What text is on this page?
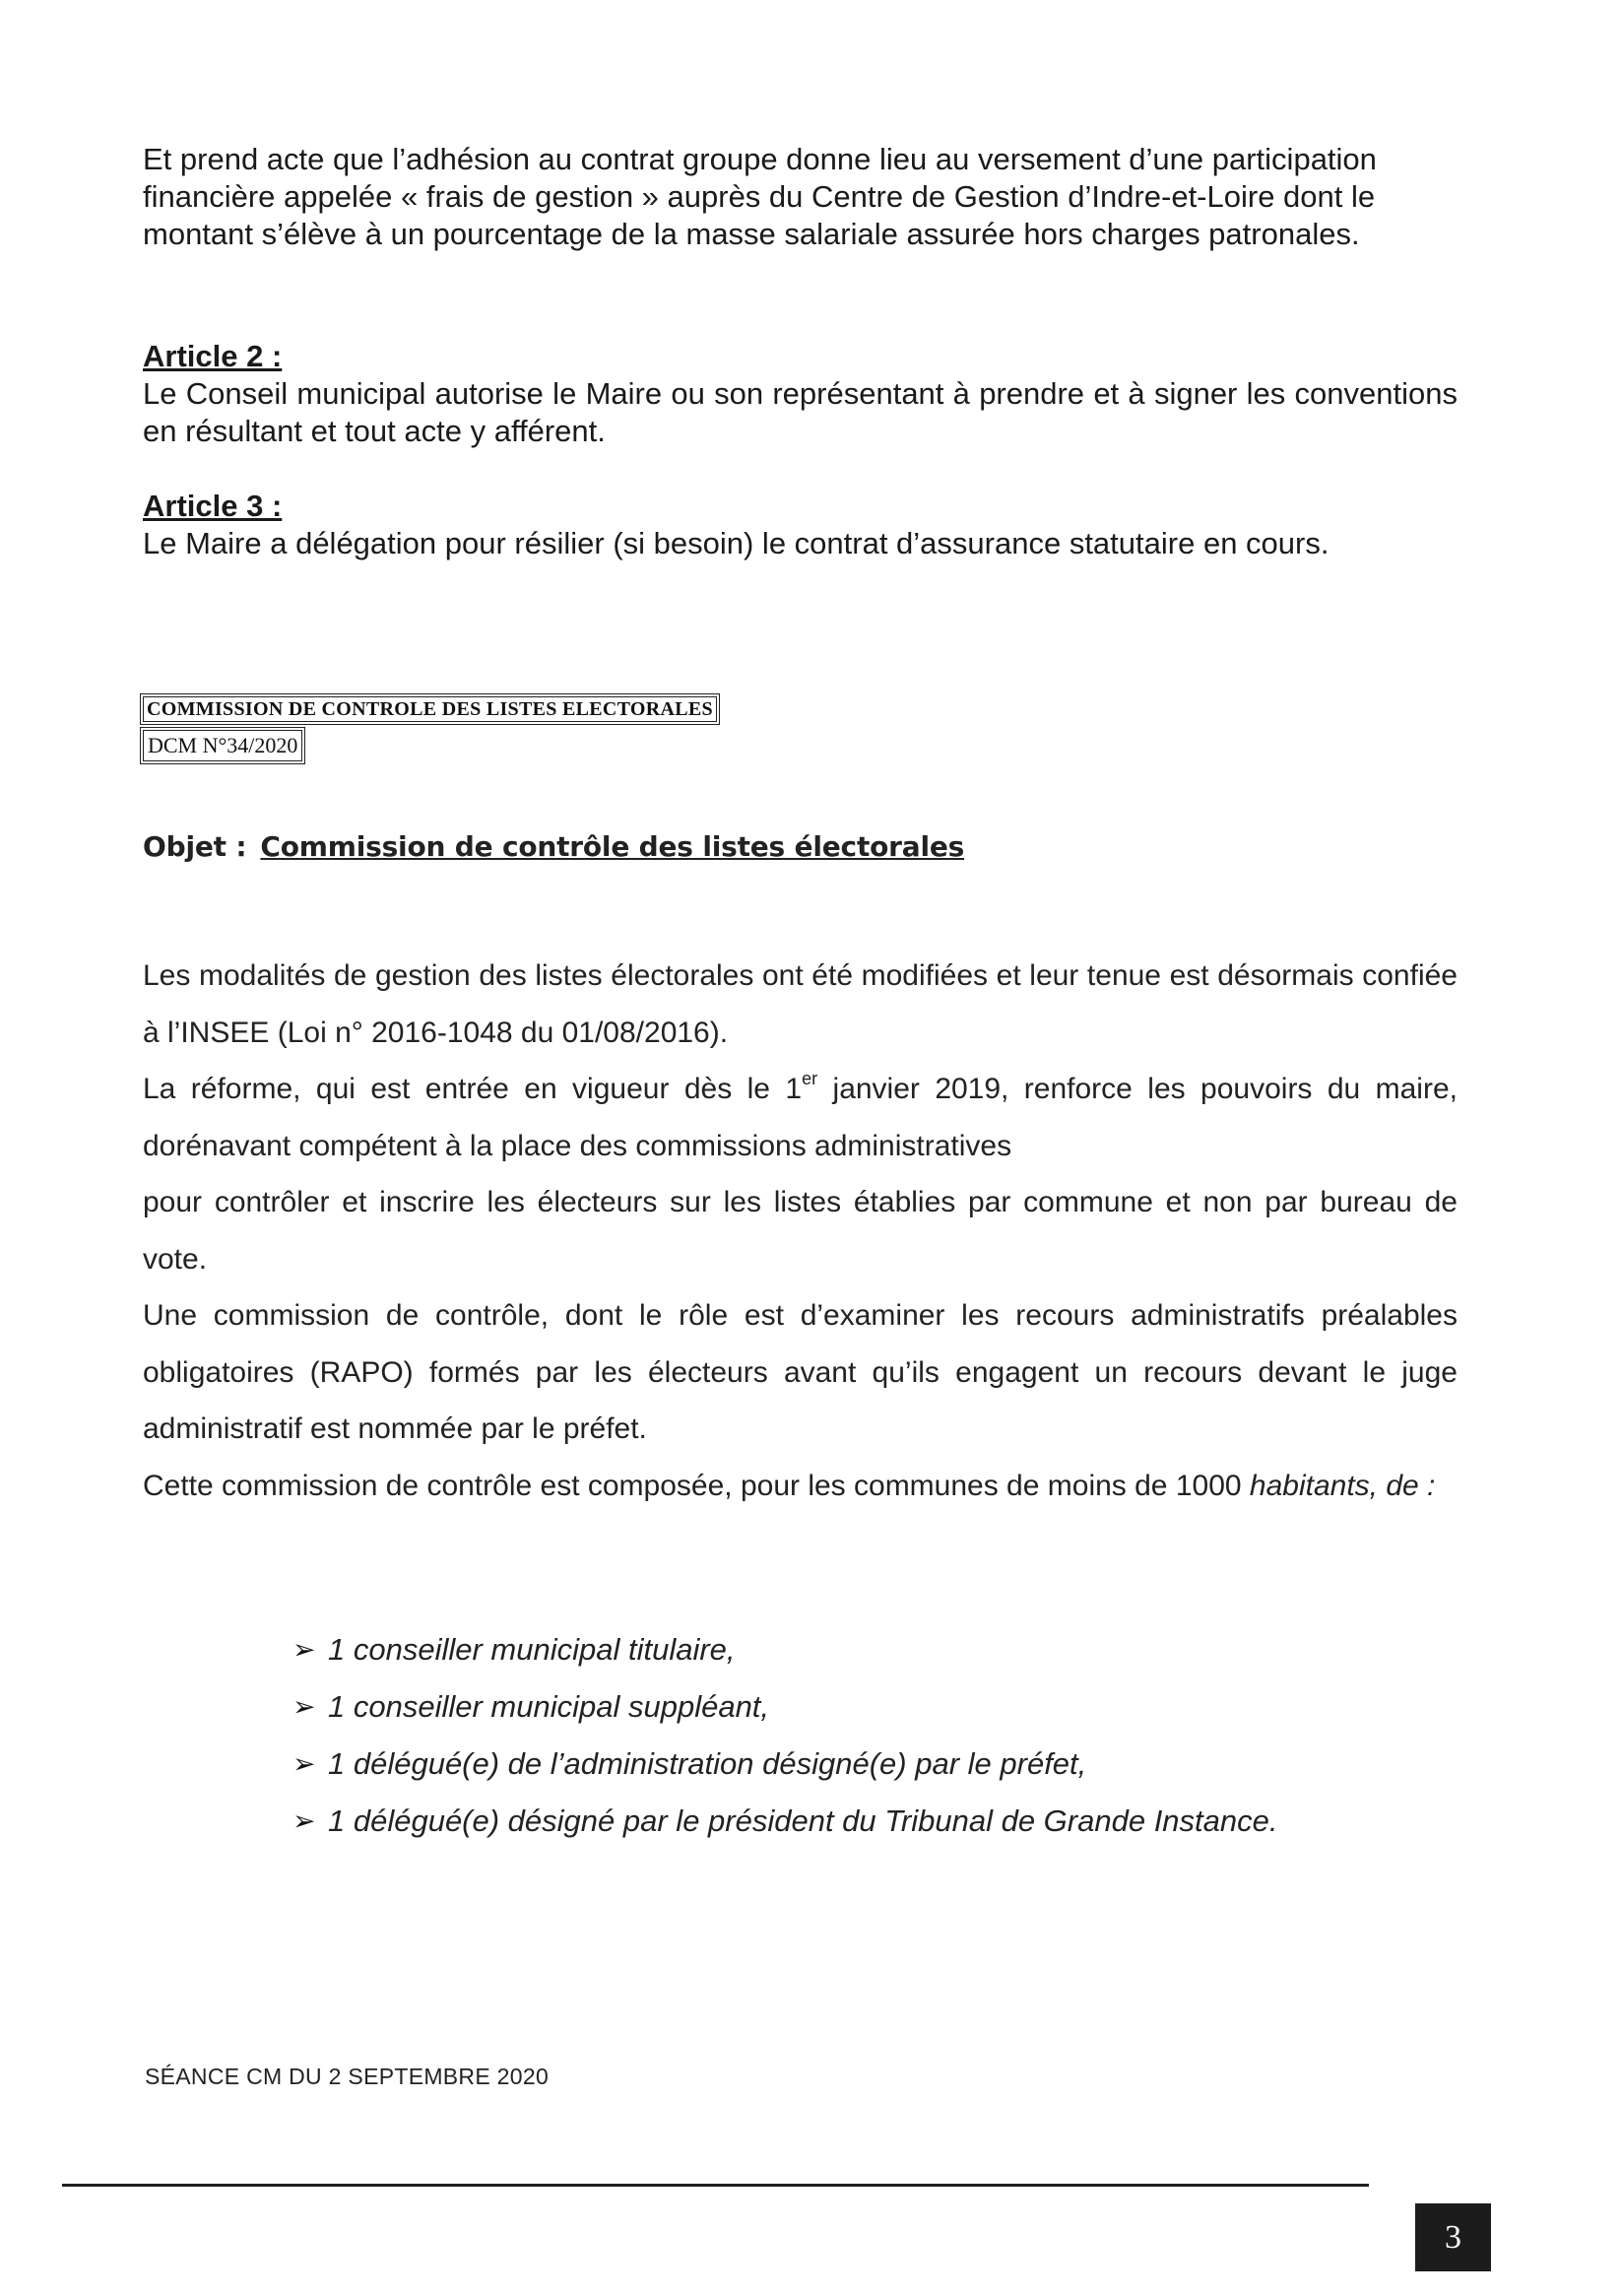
Et prend acte que l’adhésion au contrat groupe donne lieu au versement d’une participation financière appelée « frais de gestion » auprès du Centre de Gestion d’Indre-et-Loire dont le montant s’élève à un pourcentage de la masse salariale assurée hors charges patronales.
Article 2 :
Le Conseil municipal autorise le Maire ou son représentant à prendre et à signer les conventions en résultant et tout acte y afférent.
Article 3 :
Le Maire a délégation pour résilier (si besoin) le contrat d’assurance statutaire en cours.
COMMISSION DE CONTROLE DES LISTES ELECTORALES
DCM N°34/2020
Objet : Commission de contrôle des listes électorales

Les modalités de gestion des listes électorales ont été modifiées et leur tenue est désormais confiée à l’INSEE (Loi n° 2016-1048 du 01/08/2016).

La réforme, qui est entrée en vigueur dès le 1er janvier 2019, renforce les pouvoirs du maire, dorénavant compétent à la place des commissions administratives

pour contrôler et inscrire les électeurs sur les listes établies par commune et non par bureau de vote.

Une commission de contrôle, dont le rôle est d’examiner les recours administratifs préalables obligatoires (RAPO) formés par les électeurs avant qu’ils engagent un recours devant le juge administratif est nommée par le préfet.

Cette commission de contrôle est composée, pour les communes de moins de 1000 habitants, de :

➢ 1 conseiller municipal titulaire,
➢ 1 conseiller municipal suppléant,
➢ 1 délégué(e) de l’administration désigné(e) par le préfet,
➢ 1 délégué(e) désigné par le président du Tribunal de Grande Instance.
SÉANCE CM DU 2 SEPTEMBRE 2020
3
